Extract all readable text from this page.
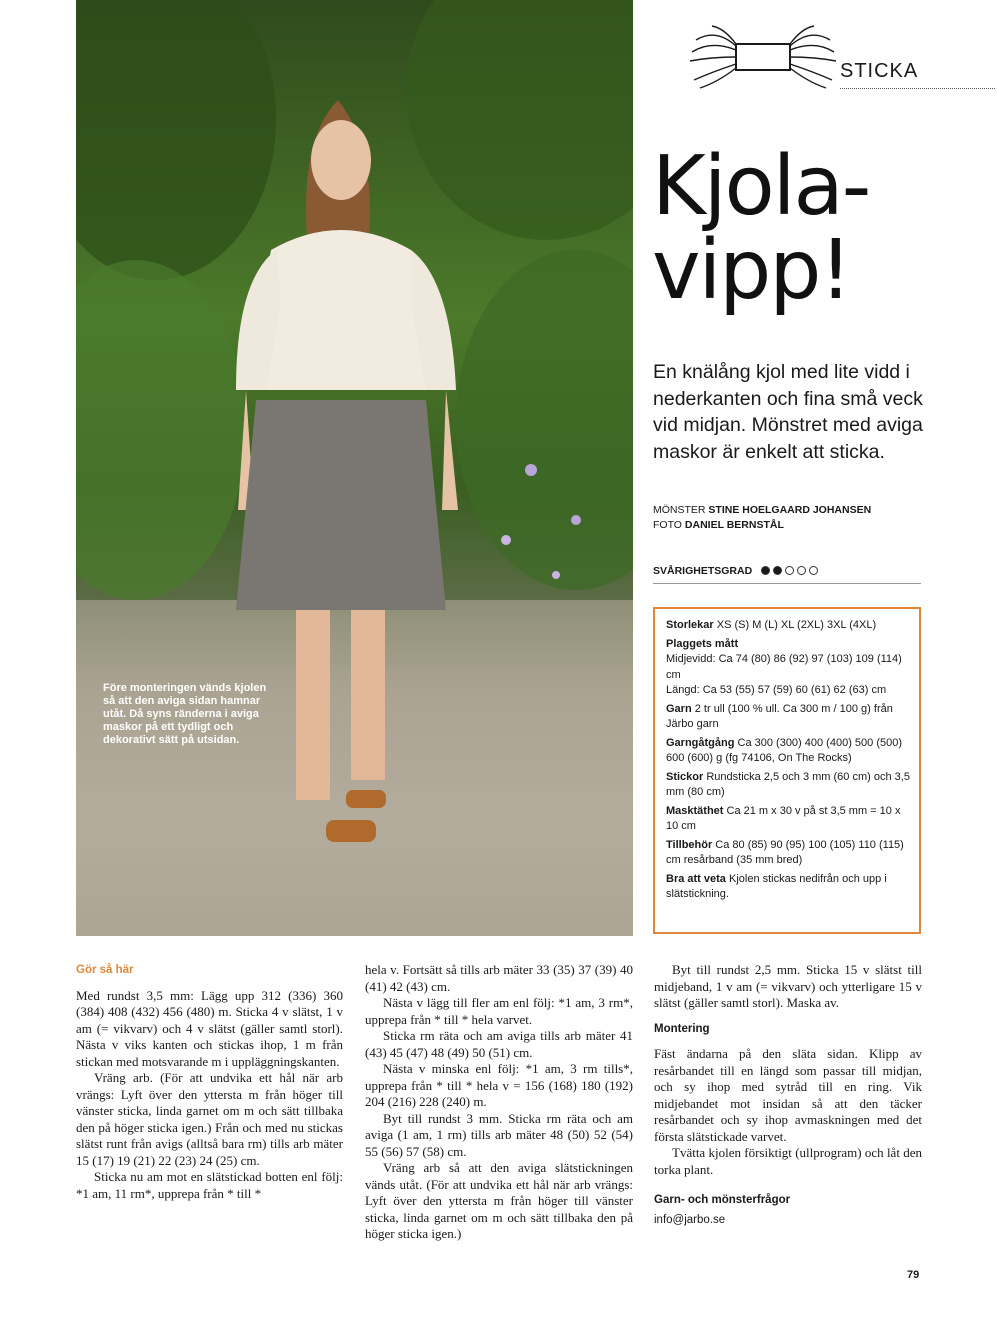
Före monteringen vänds kjolen så att den aviga sidan hamnar utåt. Då syns ränderna i aviga maskor på ett tydligt och dekorativt sätt på utsidan.
STICKA
Kjola-
vipp!
En knälång kjol med lite vidd i nederkanten och fina små veck vid midjan. Mönstret med aviga maskor är enkelt att sticka.
MÖNSTER STINE HOELGAARD JOHANSEN
FOTO DANIEL BERNSTÅL
SVÅRIGHETSGRAD

Storlekar XS (S) M (L) XL (2XL) 3XL (4XL)

Plaggets mått
Midjevidd: Ca 74 (80) 86 (92) 97 (103) 109 (114) cm
Längd: Ca 53 (55) 57 (59) 60 (61) 62 (63) cm

Garn 2 tr ull (100 % ull. Ca 300 m / 100 g) från Järbo garn

Garngåtgång Ca 300 (300) 400 (400) 500 (500) 600 (600) g (fg 74106, On The Rocks)

Stickor Rundsticka 2,5 och 3 mm (60 cm) och 3,5 mm (80 cm)

Masktäthet Ca 21 m x 30 v på st 3,5 mm = 10 x 10 cm

Tillbehör Ca 80 (85) 90 (95) 100 (105) 110 (115) cm resårband (35 mm bred)

Bra att veta Kjolen stickas nedifrån och upp i slätstickning.

Gör så här

Med rundst 3,5 mm: Lägg upp 312 (336) 360 (384) 408 (432) 456 (480) m. Sticka 4 v slätst, 1 v am (= vikvarv) och 4 v slätst (gäller samtl storl). Nästa v viks kanten och stickas ihop, 1 m från stickan med motsvarande m i uppläggningskanten.

Vräng arb. (För att undvika ett hål när arb vrängs: Lyft över den yttersta m från höger till vänster sticka, linda garnet om m och sätt tillbaka den på höger sticka igen.) Från och med nu stickas slätst runt från avigs (alltså bara rm) tills arb mäter 15 (17) 19 (21) 22 (23) 24 (25) cm.

Sticka nu am mot en slätstickad botten enl följ: *1 am, 11 rm*, upprepa från * till *

hela v. Fortsätt så tills arb mäter 33 (35) 37 (39) 40 (41) 42 (43) cm.

Nästa v lägg till fler am enl följ: *1 am, 3 rm*, upprepa från * till * hela varvet.

Sticka rm räta och am aviga tills arb mäter 41 (43) 45 (47) 48 (49) 50 (51) cm.

Nästa v minska enl följ: *1 am, 3 rm tills*, upprepa från * till * hela v = 156 (168) 180 (192) 204 (216) 228 (240) m.

Byt till rundst 3 mm. Sticka rm räta och am aviga (1 am, 1 rm) tills arb mäter 48 (50) 52 (54) 55 (56) 57 (58) cm.

Vräng arb så att den aviga slätstickningen vänds utåt. (För att undvika ett hål när arb vrängs: Lyft över den yttersta m från höger till vänster sticka, linda garnet om m och sätt tillbaka den på höger sticka igen.)

Byt till rundst 2,5 mm. Sticka 15 v slätst till midjeband, 1 v am (= vikvarv) och ytterligare 15 v slätst (gäller samtl storl). Maska av.

Montering

Fäst ändarna på den släta sidan. Klipp av resårbandet till en längd som passar till midjan, och sy ihop med sytråd till en ring. Vik midjebandet mot insidan så att den täcker resårbandet och sy ihop avmaskningen med det första slätstickade varvet.

Tvätta kjolen försiktigt (ullprogram) och låt den torka plant.

Garn- och mönsterfrågor

info@jarbo.se

79
